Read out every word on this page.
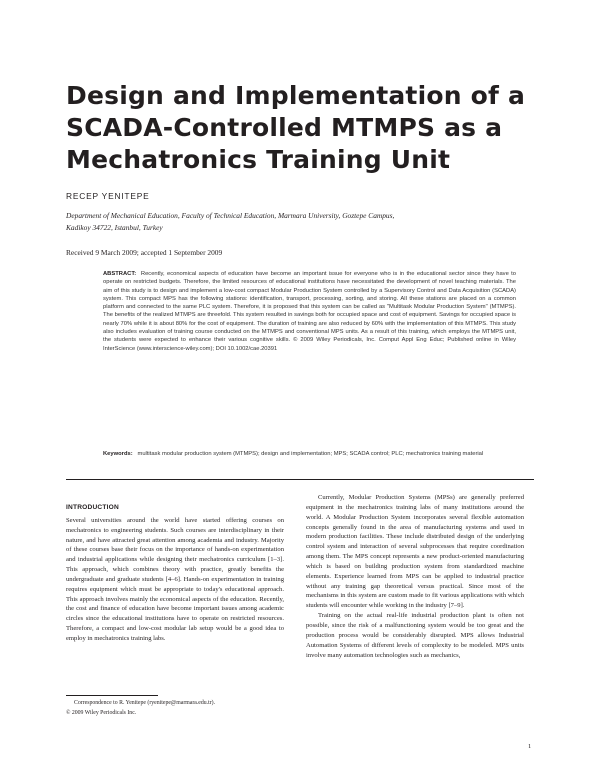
Design and Implementation of a
SCADA-Controlled MTMPS as a
Mechatronics Training Unit
RECEP YENITEPE
Department of Mechanical Education, Faculty of Technical Education, Marmara University, Goztepe Campus,
Kadikoy 34722, Istanbul, Turkey
Received 9 March 2009; accepted 1 September 2009
ABSTRACT: Recently, economical aspects of education have become an important issue for everyone who is in the educational sector since they have to operate on restricted budgets. Therefore, the limited resources of educational institutions have necessitated the development of novel teaching materials. The aim of this study is to design and implement a low-cost compact Modular Production System controlled by a Supervisory Control and Data Acquisition (SCADA) system. This compact MPS has the following stations: identification, transport, processing, sorting, and storing. All these stations are placed on a common platform and connected to the same PLC system. Therefore, it is proposed that this system can be called as "Multitask Modular Production System" (MTMPS). The benefits of the realized MTMPS are threefold. This system resulted in savings both for occupied space and cost of equipment. Savings for occupied space is nearly 70% while it is about 80% for the cost of equipment. The duration of training are also reduced by 60% with the implementation of this MTMPS. This study also includes evaluation of training course conducted on the MTMPS and conventional MPS units. As a result of this training, which employs the MTMPS unit, the students were expected to enhance their various cognitive skills. © 2009 Wiley Periodicals, Inc. Comput Appl Eng Educ; Published online in Wiley InterScience (www.interscience-wiley.com); DOI 10.1002/cae.20391
Keywords: multitask modular production system (MTMPS); design and implementation; MPS; SCADA control; PLC; mechatronics training material
INTRODUCTION

Several universities around the world have started offering courses on mechatronics to engineering students. Such courses are interdisciplinary in their nature, and have attracted great attention among academia and industry. Majority of these courses base their focus on the importance of hands-on experimentation and industrial applications while designing their mechatronics curriculum [1–3]. This approach, which combines theory with practice, greatly benefits the undergraduate and graduate students [4–6]. Hands-on experimentation in training requires equipment which must be appropriate to today's educational approach. This approach involves mainly the economical aspects of the education. Recently, the cost and finance of education have become important issues among academic circles since the educational institutions have to operate on restricted resources. Therefore, a compact and low-cost modular lab setup would be a good idea to employ in mechatronics training labs.

Currently, Modular Production Systems (MPSs) are generally preferred equipment in the mechatronics training labs of many institutions around the world. A Modular Production System incorporates several flexible automation concepts generally found in the area of manufacturing systems and used in modern production facilities. These include distributed design of the underlying control system and interaction of several subprocesses that require coordination among them. The MPS concept represents a new product-oriented manufacturing which is based on building production system from standardized machine elements. Experience learned from MPS can be applied to industrial practice without any training gap theoretical versus practical. Since most of the mechanisms in this system are custom made to fit various applications with which students will encounter while working in the industry [7–9].

Training on the actual real-life industrial production plant is often not possible, since the risk of a malfunctioning system would be too great and the production process would be considerably disrupted. MPS allows Industrial Automation Systems of different levels of complexity to be modeled. MPS units involve many automation technologies such as mechanics,

Correspondence to R. Yenitepe (ryenitepe@marmara.edu.tr).
© 2009 Wiley Periodicals Inc.
1
